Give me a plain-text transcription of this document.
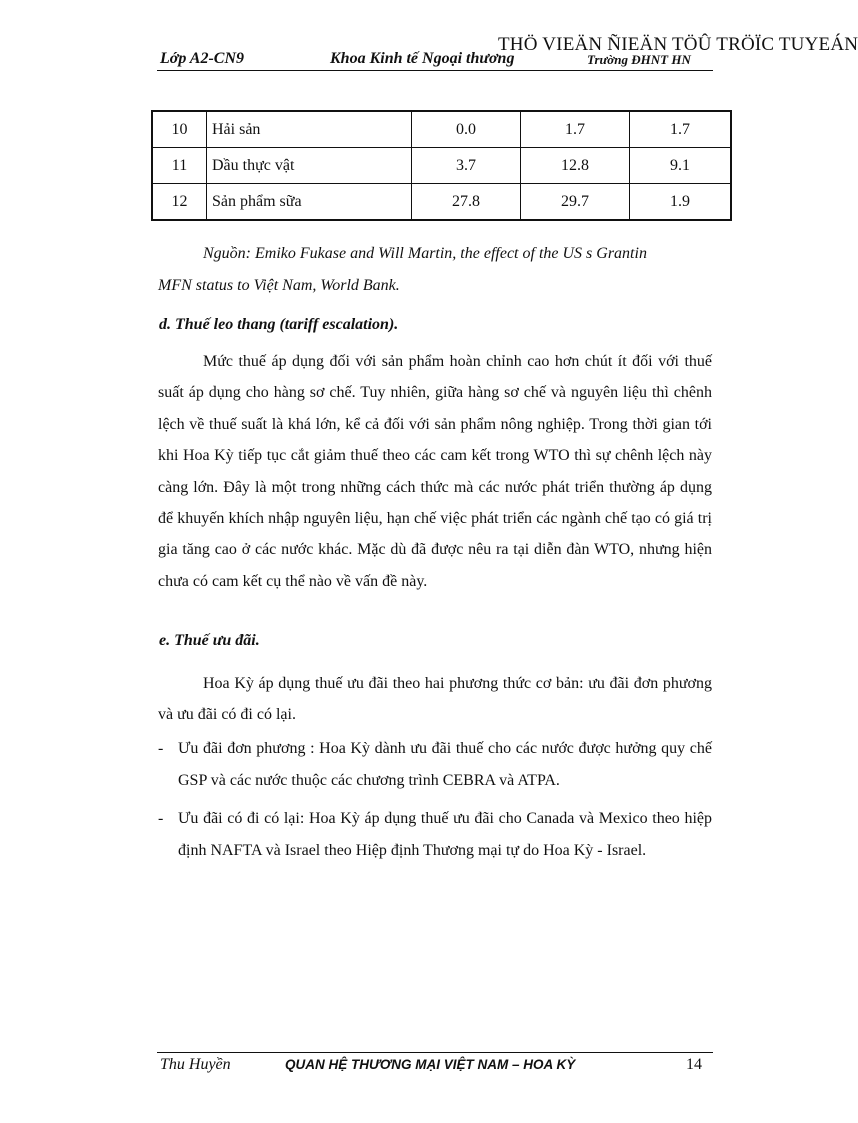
THÖ VIEÄN ÑIEÄN TÖÛ TRÖÏC TUYEÁN
Lớp A2-CN9	Khoa Kinh tế Ngoại thương	Trường ĐHNT HN
10	Hải sản	0.0	1.7	1.7
11	Dầu thực vật	3.7	12.8	9.1
12	Sản phẩm sữa	27.8	29.7	1.9
Nguồn: Emiko Fukase and Will Martin, the effect of the US s Grantin
MFN status to Việt Nam, World Bank.
d. Thuế leo thang (tariff escalation).

Mức thuế áp dụng đối với sản phẩm hoàn chỉnh cao hơn chút ít đối với thuế suất áp dụng cho hàng sơ chế. Tuy nhiên, giữa hàng sơ chế và nguyên liệu thì chênh lệch về thuế suất là khá lớn, kể cả đối với sản phẩm nông nghiệp. Trong thời gian tới khi Hoa Kỳ tiếp tục cắt giảm thuế theo các cam kết trong WTO thì sự chênh lệch này càng lớn. Đây là một trong những cách thức mà các nước phát triển thường áp dụng để khuyến khích nhập nguyên liệu, hạn chế việc phát triển các ngành chế tạo có giá trị gia tăng cao ở các nước khác. Mặc dù đã được nêu ra tại diễn đàn WTO, nhưng hiện chưa có cam kết cụ thể nào về vấn đề này.

e. Thuế ưu đãi.

Hoa Kỳ áp dụng thuế ưu đãi theo hai phương thức cơ bản: ưu đãi đơn phương và ưu đãi có đi có lại.

- Ưu đãi đơn phương : Hoa Kỳ dành ưu đãi thuế cho các nước được hưởng quy chế GSP và các nước thuộc các chương trình CEBRA và ATPA.
- Ưu đãi có đi có lại: Hoa Kỳ áp dụng thuế ưu đãi cho Canada và Mexico theo hiệp định NAFTA và Israel theo Hiệp định Thương mại tự do Hoa Kỳ - Israel.
Thu Huyền	QUAN HỆ THƯƠNG MẠI VIỆT NAM – HOA KỲ	14
